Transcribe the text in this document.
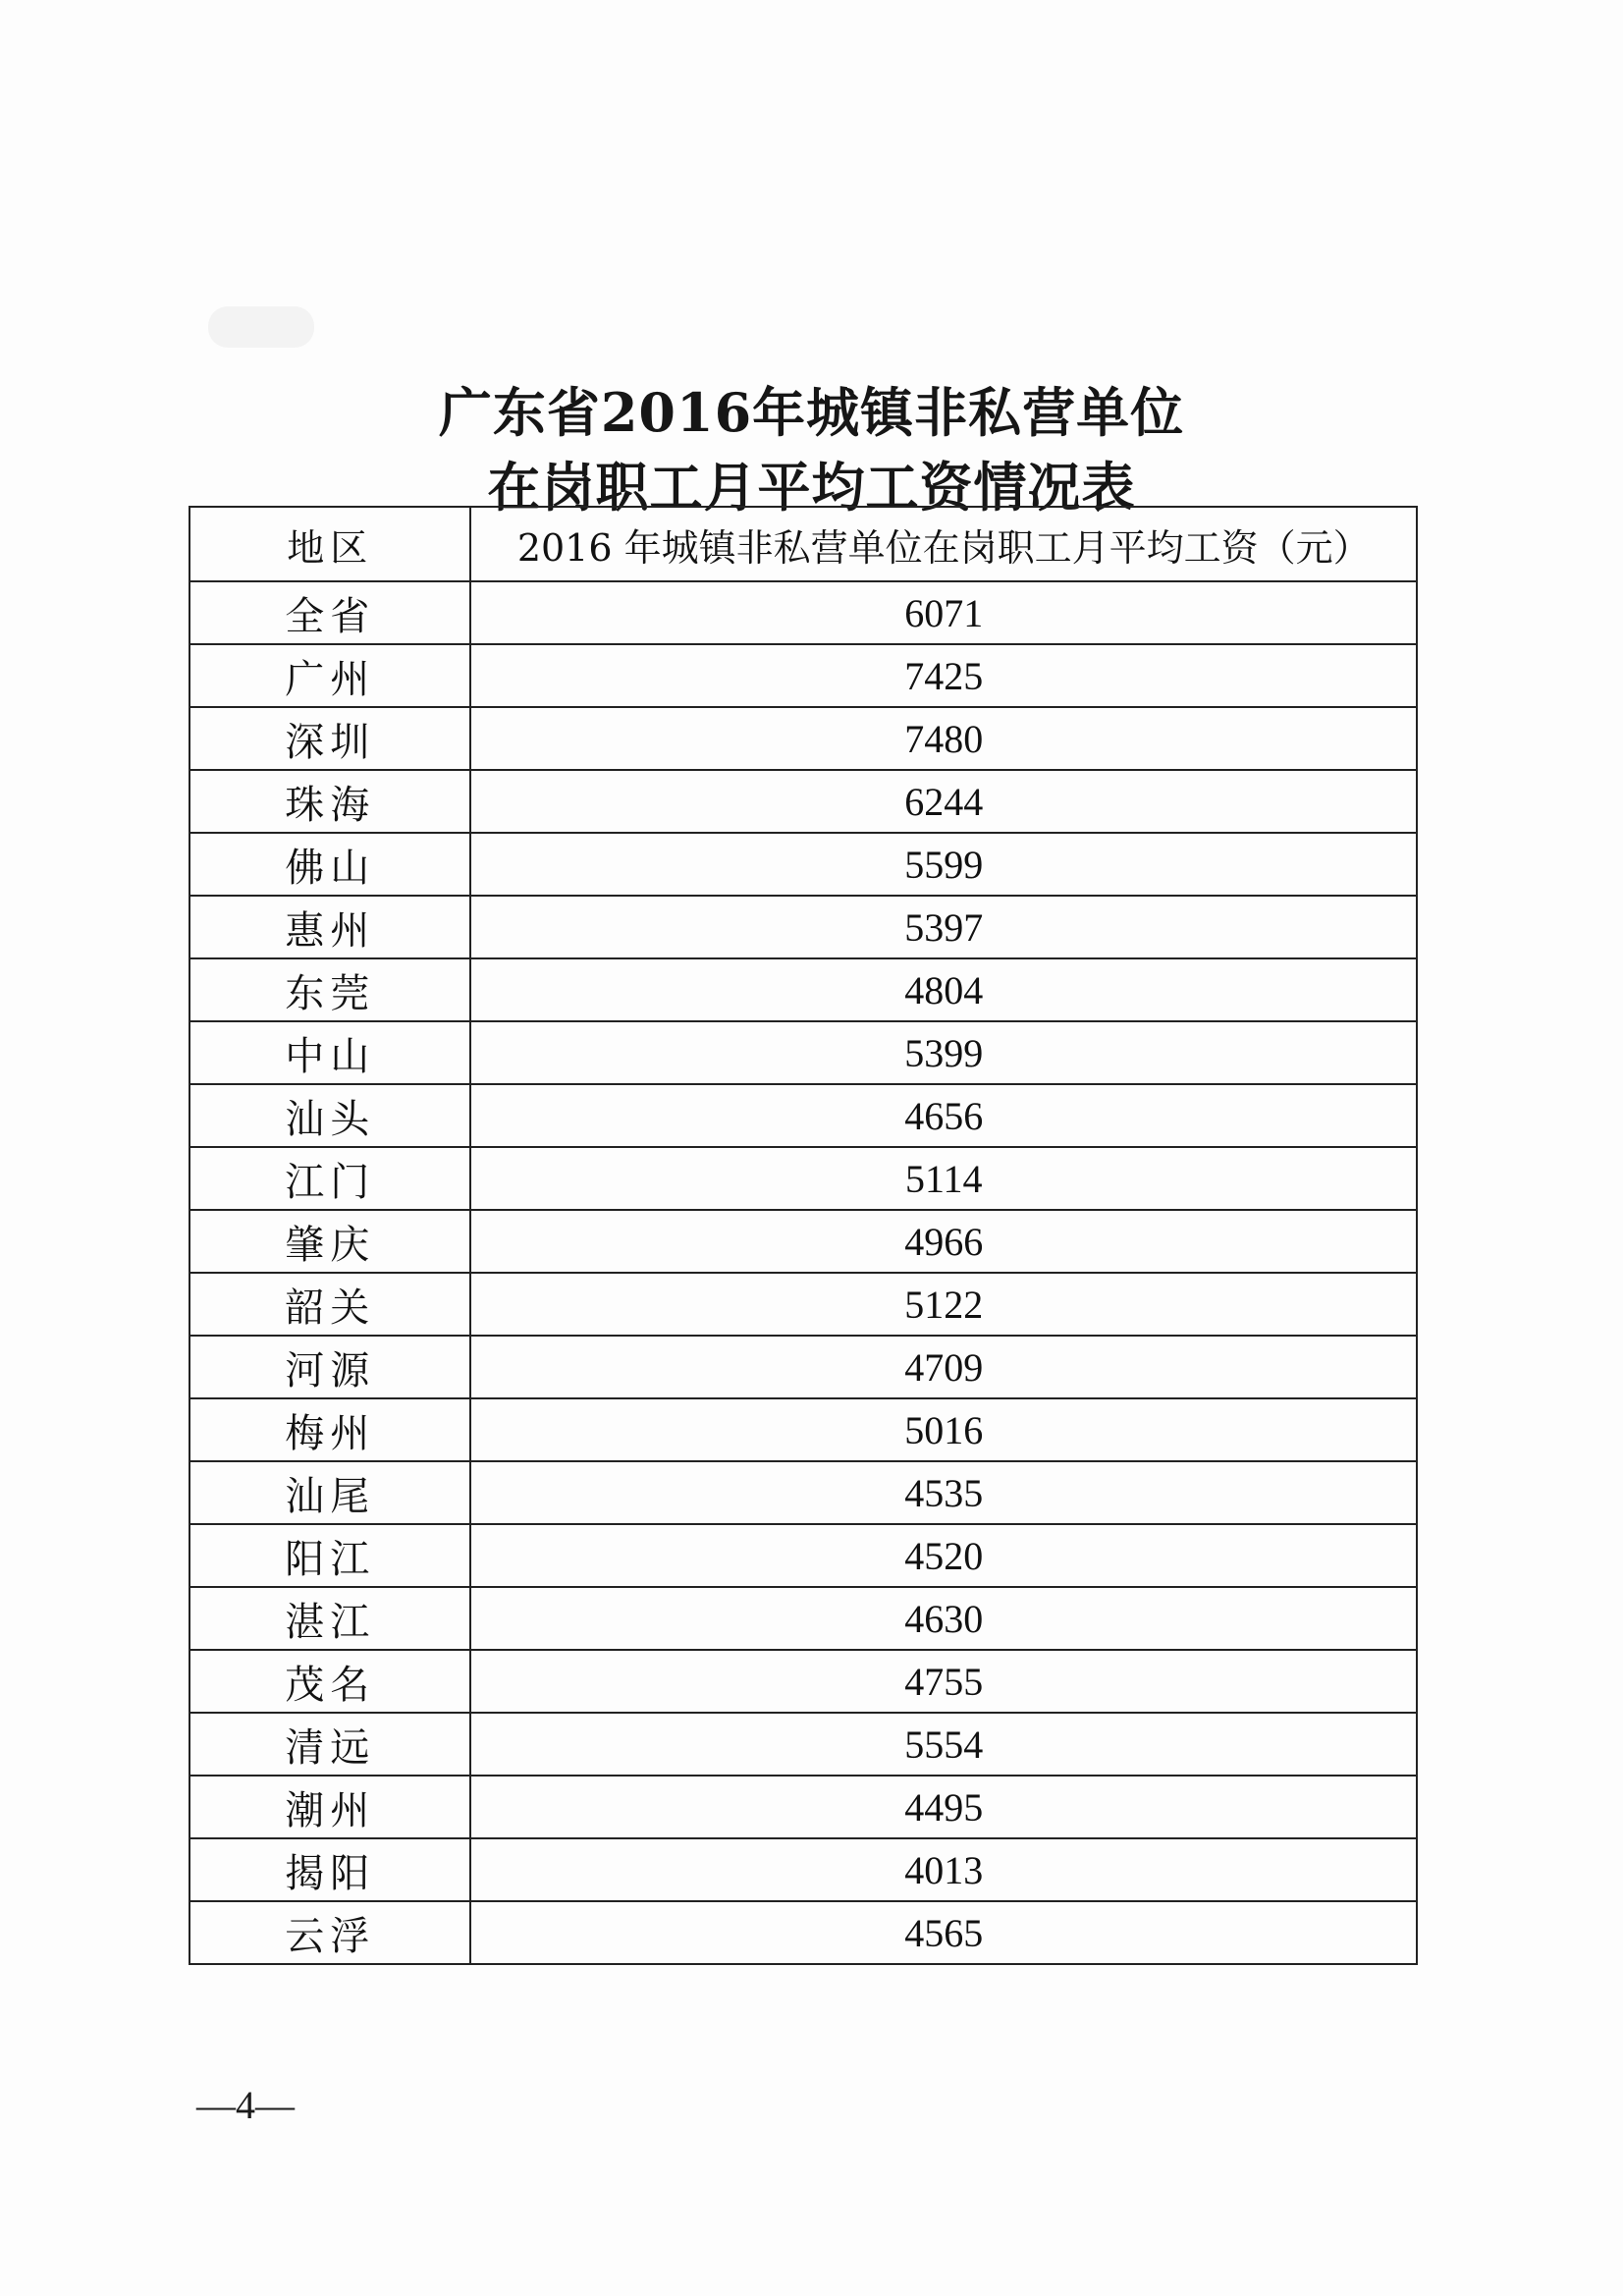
广东省2016年城镇非私营单位
在岗职工月平均工资情况表
地区	2016 年城镇非私营单位在岗职工月平均工资（元）
全省	6071
广州	7425
深圳	7480
珠海	6244
佛山	5599
惠州	5397
东莞	4804
中山	5399
汕头	4656
江门	5114
肇庆	4966
韶关	5122
河源	4709
梅州	5016
汕尾	4535
阳江	4520
湛江	4630
茂名	4755
清远	5554
潮州	4495
揭阳	4013
云浮	4565
—4—
